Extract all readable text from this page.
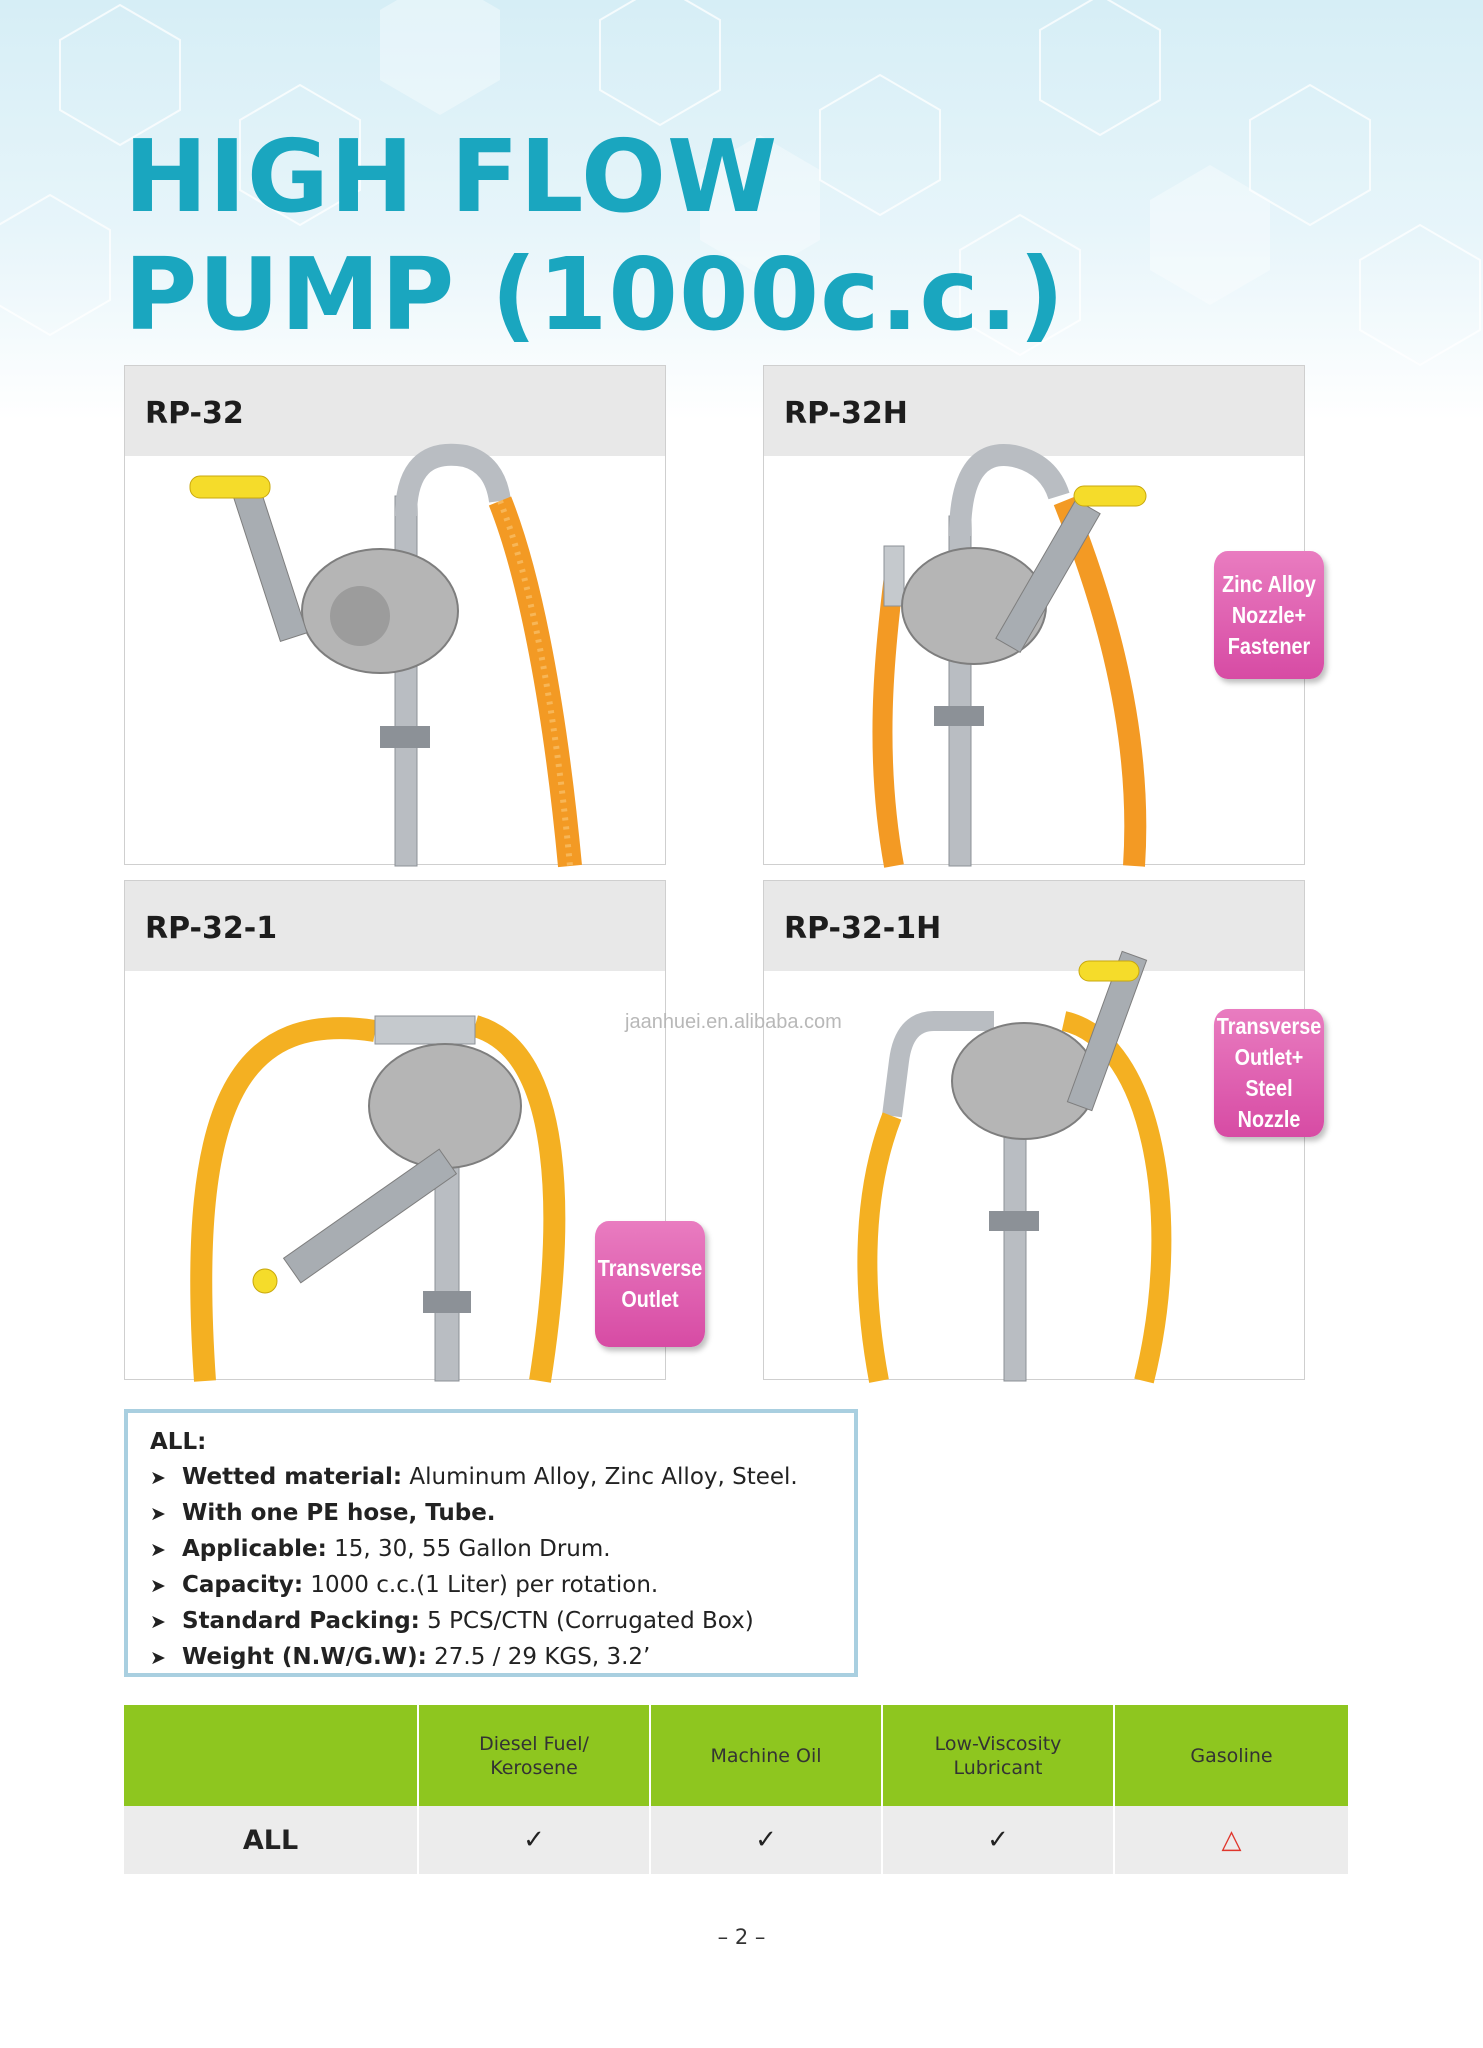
HIGH FLOW
PUMP (1000c.c.)
RP-32	RP-32H
Zinc Alloy
Nozzle+
Fastener
RP-32-1
Transverse
Outlet
RP-32-1H
Transverse
Outlet+
Steel Nozzle
jaanhuei.en.alibaba.com
ALL:
➤ Wetted material: Aluminum Alloy, Zinc Alloy, Steel.
➤ With one PE hose, Tube.
➤ Applicable: 15, 30, 55 Gallon Drum.
➤ Capacity: 1000 c.c.(1 Liter) per rotation.
➤ Standard Packing: 5 PCS/CTN (Corrugated Box)
➤ Weight (N.W/G.W): 27.5 / 29 KGS, 3.2’
	Diesel Fuel/
Kerosene	Machine Oil	Low-Viscosity
Lubricant	Gasoline
ALL	✓	✓	✓	△
– 2 –
